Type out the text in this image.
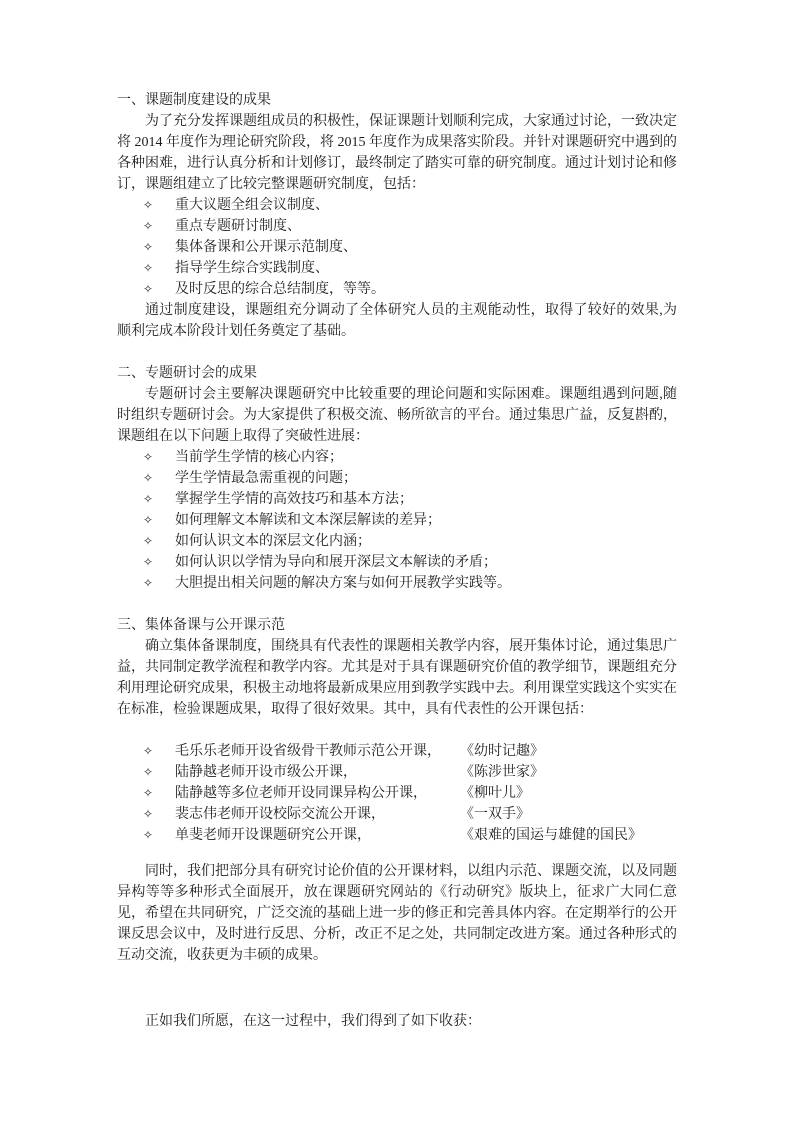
一、课题制度建设的成果

为了充分发挥课题组成员的积极性，保证课题计划顺利完成，大家通过讨论，一致决定将 2014 年度作为理论研究阶段，将 2015 年度作为成果落实阶段。并针对课题研究中遇到的各种困难，进行认真分析和计划修订，最终制定了踏实可靠的研究制度。通过计划讨论和修订，课题组建立了比较完整课题研究制度，包括：

✧	重大议题全组会议制度、
✧	重点专题研讨制度、
✧	集体备课和公开课示范制度、
✧	指导学生综合实践制度、
✧	及时反思的综合总结制度，等等。

通过制度建设，课题组充分调动了全体研究人员的主观能动性，取得了较好的效果,为顺利完成本阶段计划任务奠定了基础。

二、专题研讨会的成果

专题研讨会主要解决课题研究中比较重要的理论问题和实际困难。课题组遇到问题,随时组织专题研讨会。为大家提供了积极交流、畅所欲言的平台。通过集思广益，反复斟酌，课题组在以下问题上取得了突破性进展：

✧	当前学生学情的核心内容；
✧	学生学情最急需重视的问题；
✧	掌握学生学情的高效技巧和基本方法；
✧	如何理解文本解读和文本深层解读的差异；
✧	如何认识文本的深层文化内涵；
✧	如何认识以学情为导向和展开深层文本解读的矛盾；
✧	大胆提出相关问题的解决方案与如何开展教学实践等。
三、集体备课与公开课示范

确立集体备课制度，围绕具有代表性的课题相关教学内容，展开集体讨论，通过集思广益，共同制定教学流程和教学内容。尤其是对于具有课题研究价值的教学细节，课题组充分利用理论研究成果，积极主动地将最新成果应用到教学实践中去。利用课堂实践这个实实在在标准，检验课题成果，取得了很好效果。其中，具有代表性的公开课包括：

✧	毛乐乐老师开设省级骨干教师示范公开课，	《幼时记趣》
✧	陆静越老师开设市级公开课，	《陈涉世家》
✧	陆静越等多位老师开设同课异构公开课，	《柳叶儿》
✧	裴志伟老师开设校际交流公开课，	《一双手》
✧	单斐老师开设课题研究公开课，	《艰难的国运与雄健的国民》

同时，我们把部分具有研究讨论价值的公开课材料，以组内示范、课题交流，以及同题异构等等多种形式全面展开，放在课题研究网站的《行动研究》版块上，征求广大同仁意见，希望在共同研究，广泛交流的基础上进一步的修正和完善具体内容。在定期举行的公开课反思会议中，及时进行反思、分析，改正不足之处，共同制定改进方案。通过各种形式的互动交流，收获更为丰硕的成果。

正如我们所愿，在这一过程中，我们得到了如下收获：
